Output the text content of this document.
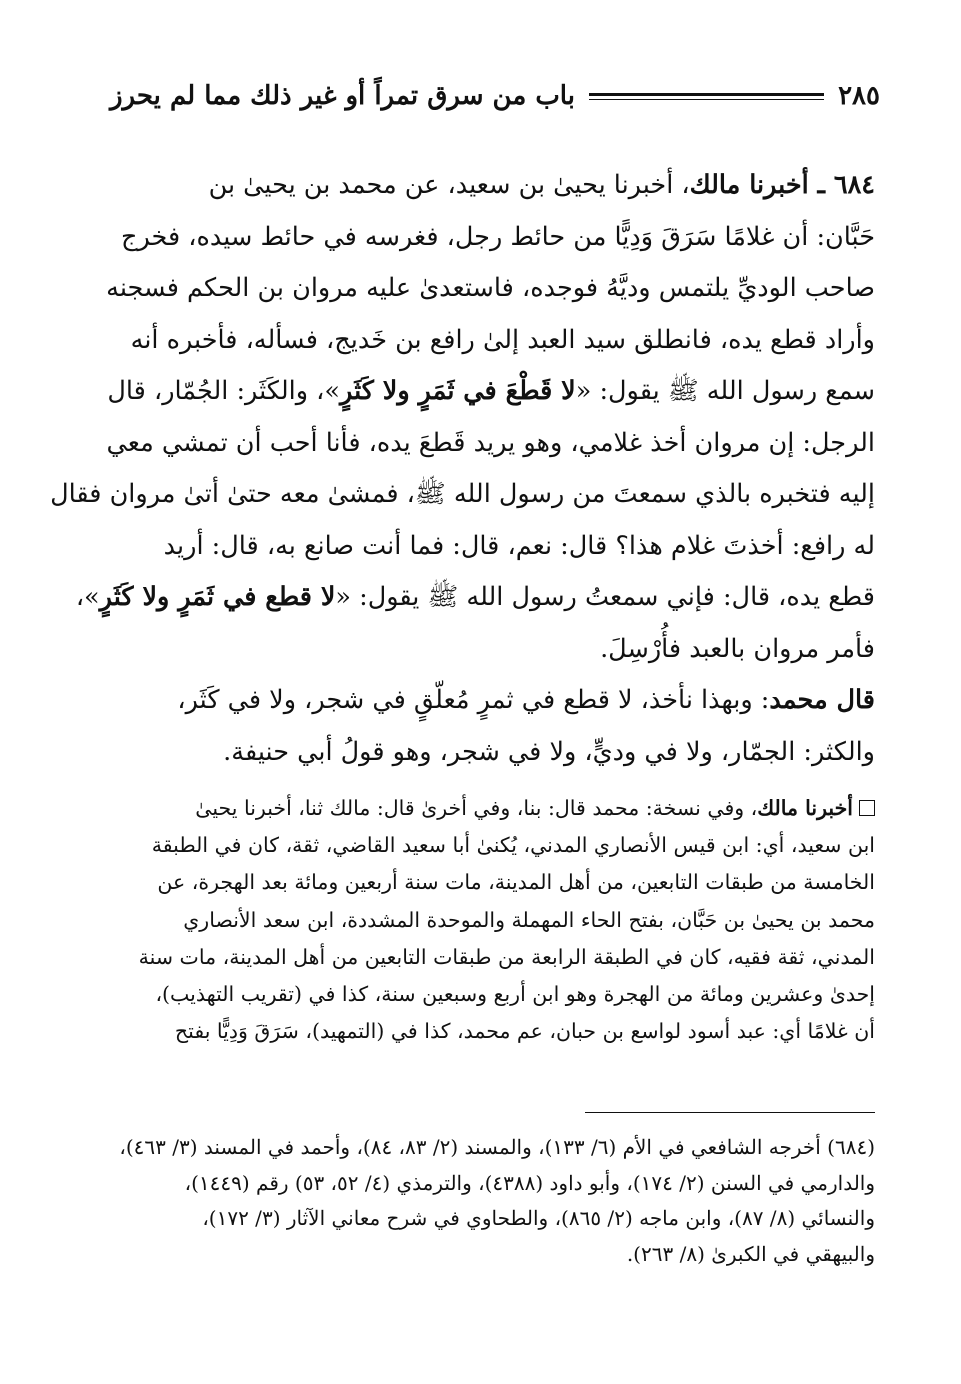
باب من سرق تمراً أو غير ذلك مما لم يحرز	٢٨٥
٦٨٤ ـ أخبرنا مالك، أخبرنا يحيىٰ بن سعيد، عن محمد بن يحيىٰ بن
حَبَّان: أن غلامًا سَرَقَ وَدِيًّا من حائط رجل، فغرسه في حائط سيده، فخرج
صاحب الوديِّ يلتمس وديَّهُ فوجده، فاستعدىٰ عليه مروان بن الحكم فسجنه
وأراد قطع يده، فانطلق سيد العبد إلىٰ رافع بن خَديج، فسأله، فأخبره أنه
سمع رسول الله ﷺ يقول: «لا قَطْعَ في ثَمَرٍ ولا كَثَرٍ»، والكَثَر: الجُمّار، قال
الرجل: إن مروان أخذ غلامي، وهو يريد قَطعَ يده، فأنا أحب أن تمشي معي
إليه فتخبره بالذي سمعتَ من رسول الله ﷺ، فمشىٰ معه حتىٰ أتىٰ مروان فقال
له رافع: أخذتَ غلام هذا؟ قال: نعم، قال: فما أنت صانع به، قال: أريد
قطع يده، قال: فإني سمعتُ رسول الله ﷺ يقول: «لا قطع في ثَمَرٍ ولا كَثَرٍ»،
فأمر مروان بالعبد فأُرْسِلَ.
قال محمد: وبهذا نأخذ، لا قطع في ثمرٍ مُعلّقٍ في شجر، ولا في كَثَر،
والكثر: الجمّار، ولا في وديٍّ، ولا في شجر، وهو قولُ أبي حنيفة.
أخبرنا مالك، وفي نسخة: محمد قال: بنا، وفي أخرىٰ قال: مالك ثنا، أخبرنا يحيىٰ
ابن سعيد، أي: ابن قيس الأنصاري المدني، يُكنىٰ أبا سعيد القاضي، ثقة، كان في الطبقة
الخامسة من طبقات التابعين، من أهل المدينة، مات سنة أربعين ومائة بعد الهجرة، عن
محمد بن يحيىٰ بن حَبَّان، بفتح الحاء المهملة والموحدة المشددة، ابن سعد الأنصاري
المدني، ثقة فقيه، كان في الطبقة الرابعة من طبقات التابعين من أهل المدينة، مات سنة
إحدىٰ وعشرين ومائة من الهجرة وهو ابن أربع وسبعين سنة، كذا في (تقريب التهذيب)،
أن غلامًا أي: عبد أسود لواسع بن حبان، عم محمد، كذا في (التمهيد)، سَرَقَ وَدِيًّا بفتح
(٦٨٤) أخرجه الشافعي في الأم (٦/ ١٣٣)، والمسند (٢/ ٨٣، ٨٤)، وأحمد في المسند (٣/ ٤٦٣)،
والدارمي في السنن (٢/ ١٧٤)، وأبو داود (٤٣٨٨)، والترمذي (٤/ ٥٢، ٥٣) رقم (١٤٤٩)،
والنسائي (٨/ ٨٧)، وابن ماجه (٢/ ٨٦٥)، والطحاوي في شرح معاني الآثار (٣/ ١٧٢)،
والبيهقي في الكبرىٰ (٨/ ٢٦٣).
